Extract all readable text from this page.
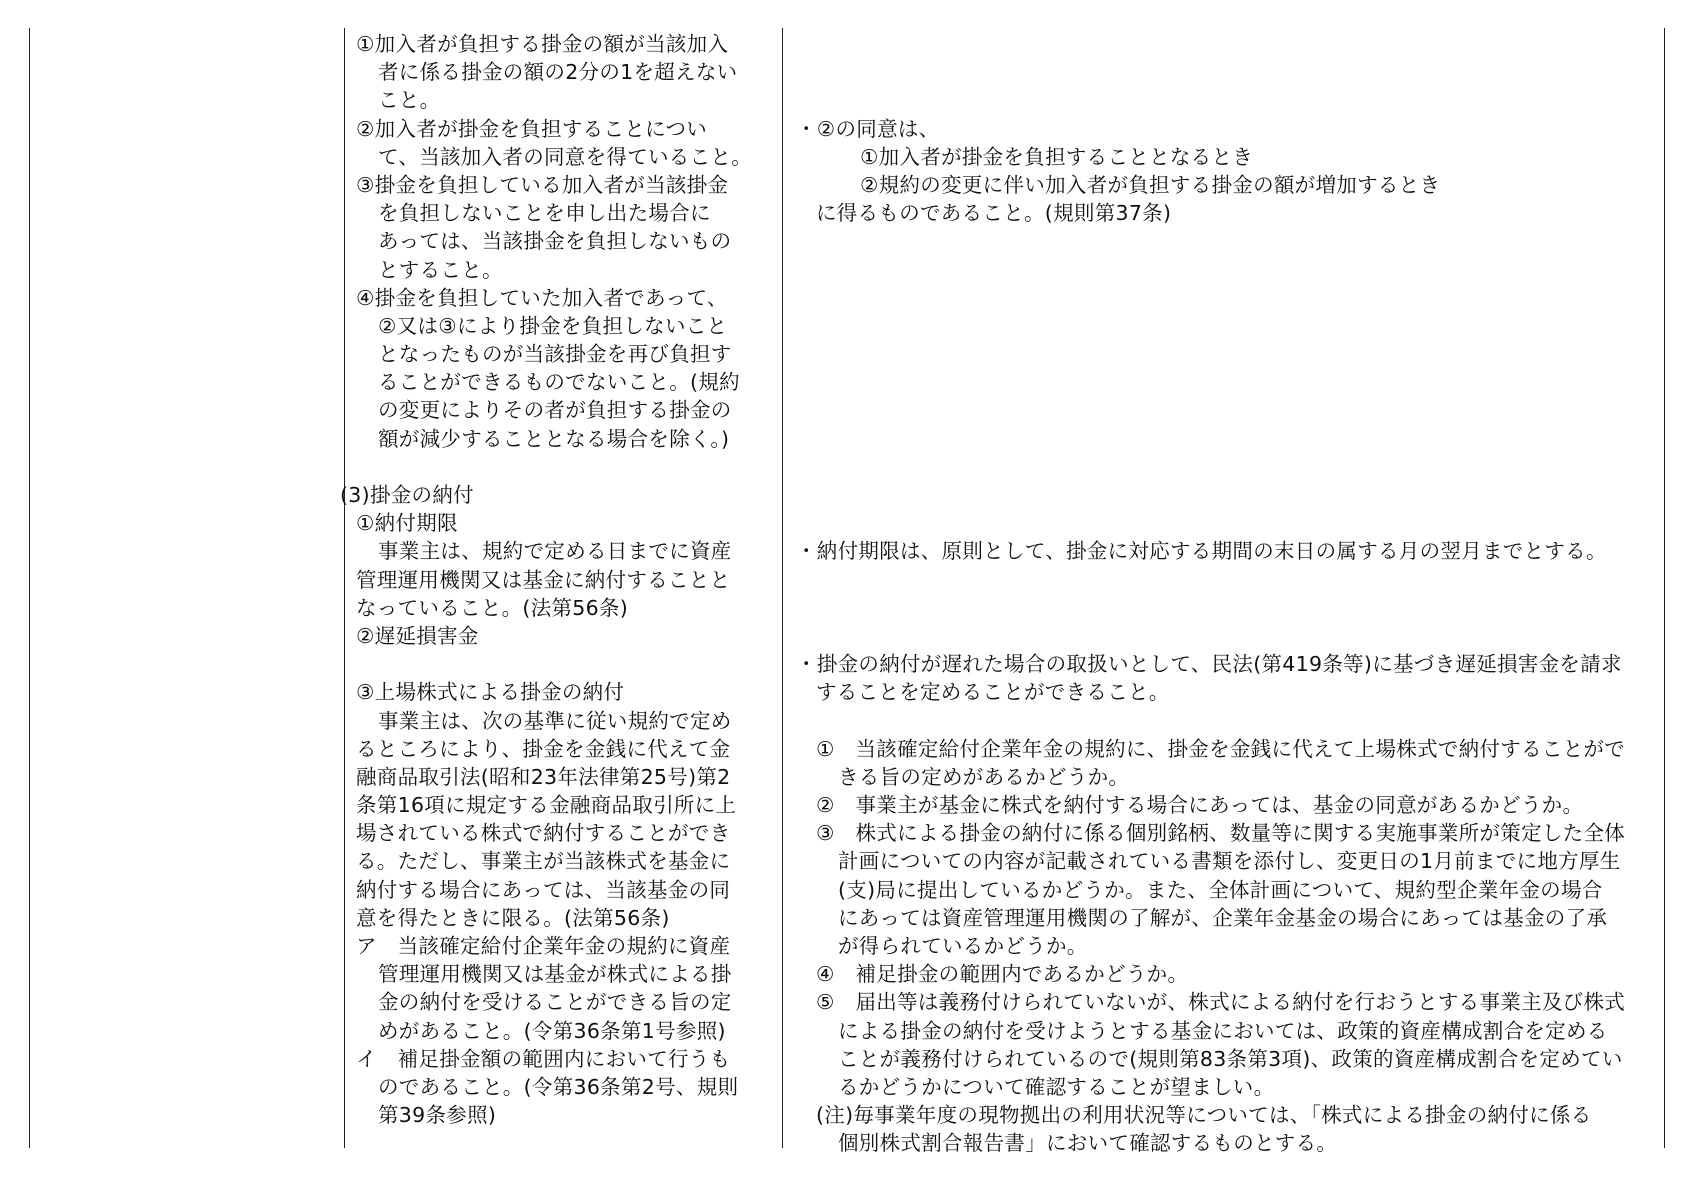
①加入者が負担する掛金の額が当該加入
者に係る掛金の額の2分の1を超えない
こと。
②加入者が掛金を負担することについ
て、当該加入者の同意を得ていること。
③掛金を負担している加入者が当該掛金
を負担しないことを申し出た場合に
あっては、当該掛金を負担しないもの
とすること。
④掛金を負担していた加入者であって、
②又は③により掛金を負担しないこと
となったものが当該掛金を再び負担す
ることができるものでないこと。(規約
の変更によりその者が負担する掛金の
額が減少することとなる場合を除く。)
(3)掛金の納付
①納付期限
事業主は、規約で定める日までに資産
管理運用機関又は基金に納付することと
なっていること。(法第56条)
②遅延損害金
③上場株式による掛金の納付
事業主は、次の基準に従い規約で定め
るところにより、掛金を金銭に代えて金
融商品取引法(昭和23年法律第25号)第2
条第16項に規定する金融商品取引所に上
場されている株式で納付することができ
る。ただし、事業主が当該株式を基金に
納付する場合にあっては、当該基金の同
意を得たときに限る。(法第56条)
ア　当該確定給付企業年金の規約に資産
管理運用機関又は基金が株式による掛
金の納付を受けることができる旨の定
めがあること。(令第36条第1号参照)
イ　補足掛金額の範囲内において行うも
のであること。(令第36条第2号、規則
第39条参照)
・②の同意は、
①加入者が掛金を負担することとなるとき
②規約の変更に伴い加入者が負担する掛金の額が増加するとき
に得るものであること。(規則第37条)
・納付期限は、原則として、掛金に対応する期間の末日の属する月の翌月までとする。
・掛金の納付が遅れた場合の取扱いとして、民法(第419条等)に基づき遅延損害金を請求
することを定めることができること。
①　当該確定給付企業年金の規約に、掛金を金銭に代えて上場株式で納付することがで
きる旨の定めがあるかどうか。
②　事業主が基金に株式を納付する場合にあっては、基金の同意があるかどうか。
③　株式による掛金の納付に係る個別銘柄、数量等に関する実施事業所が策定した全体
計画についての内容が記載されている書類を添付し、変更日の1月前までに地方厚生
(支)局に提出しているかどうか。また、全体計画について、規約型企業年金の場合
にあっては資産管理運用機関の了解が、企業年金基金の場合にあっては基金の了承
が得られているかどうか。
④　補足掛金の範囲内であるかどうか。
⑤　届出等は義務付けられていないが、株式による納付を行おうとする事業主及び株式
による掛金の納付を受けようとする基金においては、政策的資産構成割合を定める
ことが義務付けられているので(規則第83条第3項)、政策的資産構成割合を定めてい
るかどうかについて確認することが望ましい。
(注)毎事業年度の現物拠出の利用状況等については、「株式による掛金の納付に係る
個別株式割合報告書」において確認するものとする。
